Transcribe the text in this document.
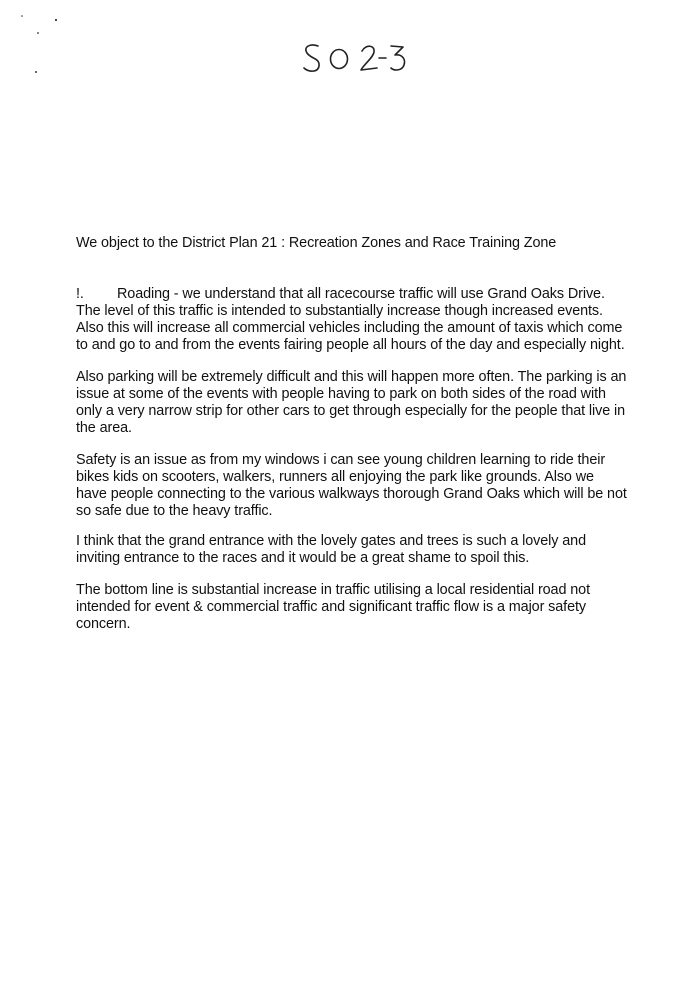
We object to the District Plan 21 : Recreation Zones and Race Training Zone
!. Roading - we understand that all racecourse traffic will use Grand Oaks Drive.
The level of this traffic is intended to substantially increase though increased events.
Also this will increase all commercial vehicles including the amount of taxis which come
to and go to and from the events fairing people all hours of the day and especially night.
Also parking will be extremely difficult and this will happen more often. The parking is an
issue at some of the events with people having to park on both sides of the road with
only a very narrow strip for other cars to get through especially for the people that live in
the area.
Safety is an issue as from my windows i can see young children learning to ride their
bikes kids on scooters, walkers, runners all enjoying the park like grounds. Also we
have people connecting to the various walkways thorough Grand Oaks which will be not
so safe due to the heavy traffic.
I think that the grand entrance with the lovely gates and trees is such a lovely and
inviting entrance to the races and it would be a great shame to spoil this.
The bottom line is substantial increase in traffic utilising a local residential road not
intended for event & commercial traffic and significant traffic flow is a major safety
concern.
